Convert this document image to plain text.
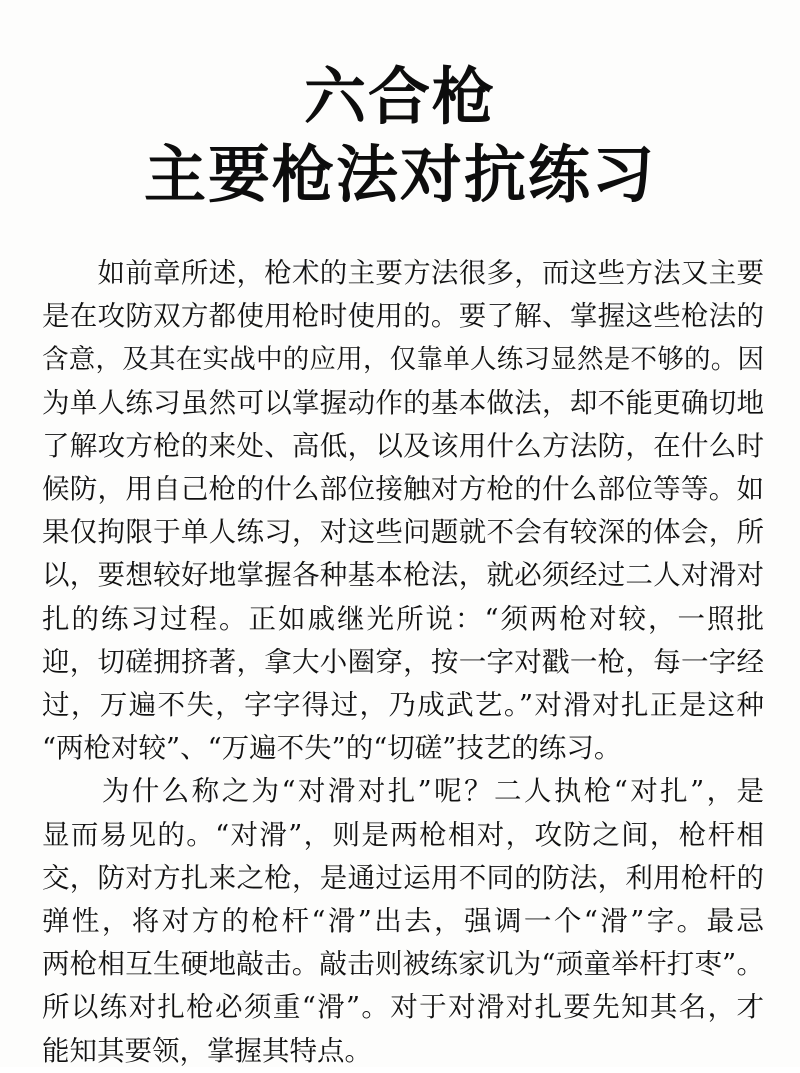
六合枪
主要枪法对抗练习

　　如前章所述，枪术的主要方法很多，而这些方法又主要
是在攻防双方都使用枪时使用的。要了解、掌握这些枪法的
含意，及其在实战中的应用，仅靠单人练习显然是不够的。因
为单人练习虽然可以掌握动作的基本做法，却不能更确切地
了解攻方枪的来处、高低，以及该用什么方法防，在什么时
候防，用自己枪的什么部位接触对方枪的什么部位等等。如
果仅拘限于单人练习，对这些问题就不会有较深的体会，所
以，要想较好地掌握各种基本枪法，就必须经过二人对滑对
扎的练习过程。正如戚继光所说：“须两枪对较，一照批
迎，切磋拥挤著，拿大小圈穿，按一字对戳一枪，每一字经
过，万遍不失，字字得过，乃成武艺。”对滑对扎正是这种
“两枪对较”、“万遍不失”的“切磋”技艺的练习。

　　为什么称之为“对滑对扎”呢？二人执枪“对扎”，是
显而易见的。“对滑”，则是两枪相对，攻防之间，枪杆相
交，防对方扎来之枪，是通过运用不同的防法，利用枪杆的
弹性，将对方的枪杆“滑”出去，强调一个“滑”字。最忌
两枪相互生硬地敲击。敲击则被练家讥为“顽童举杆打枣”。
所以练对扎枪必须重“滑”。对于对滑对扎要先知其名，才
能知其要领，掌握其特点。
